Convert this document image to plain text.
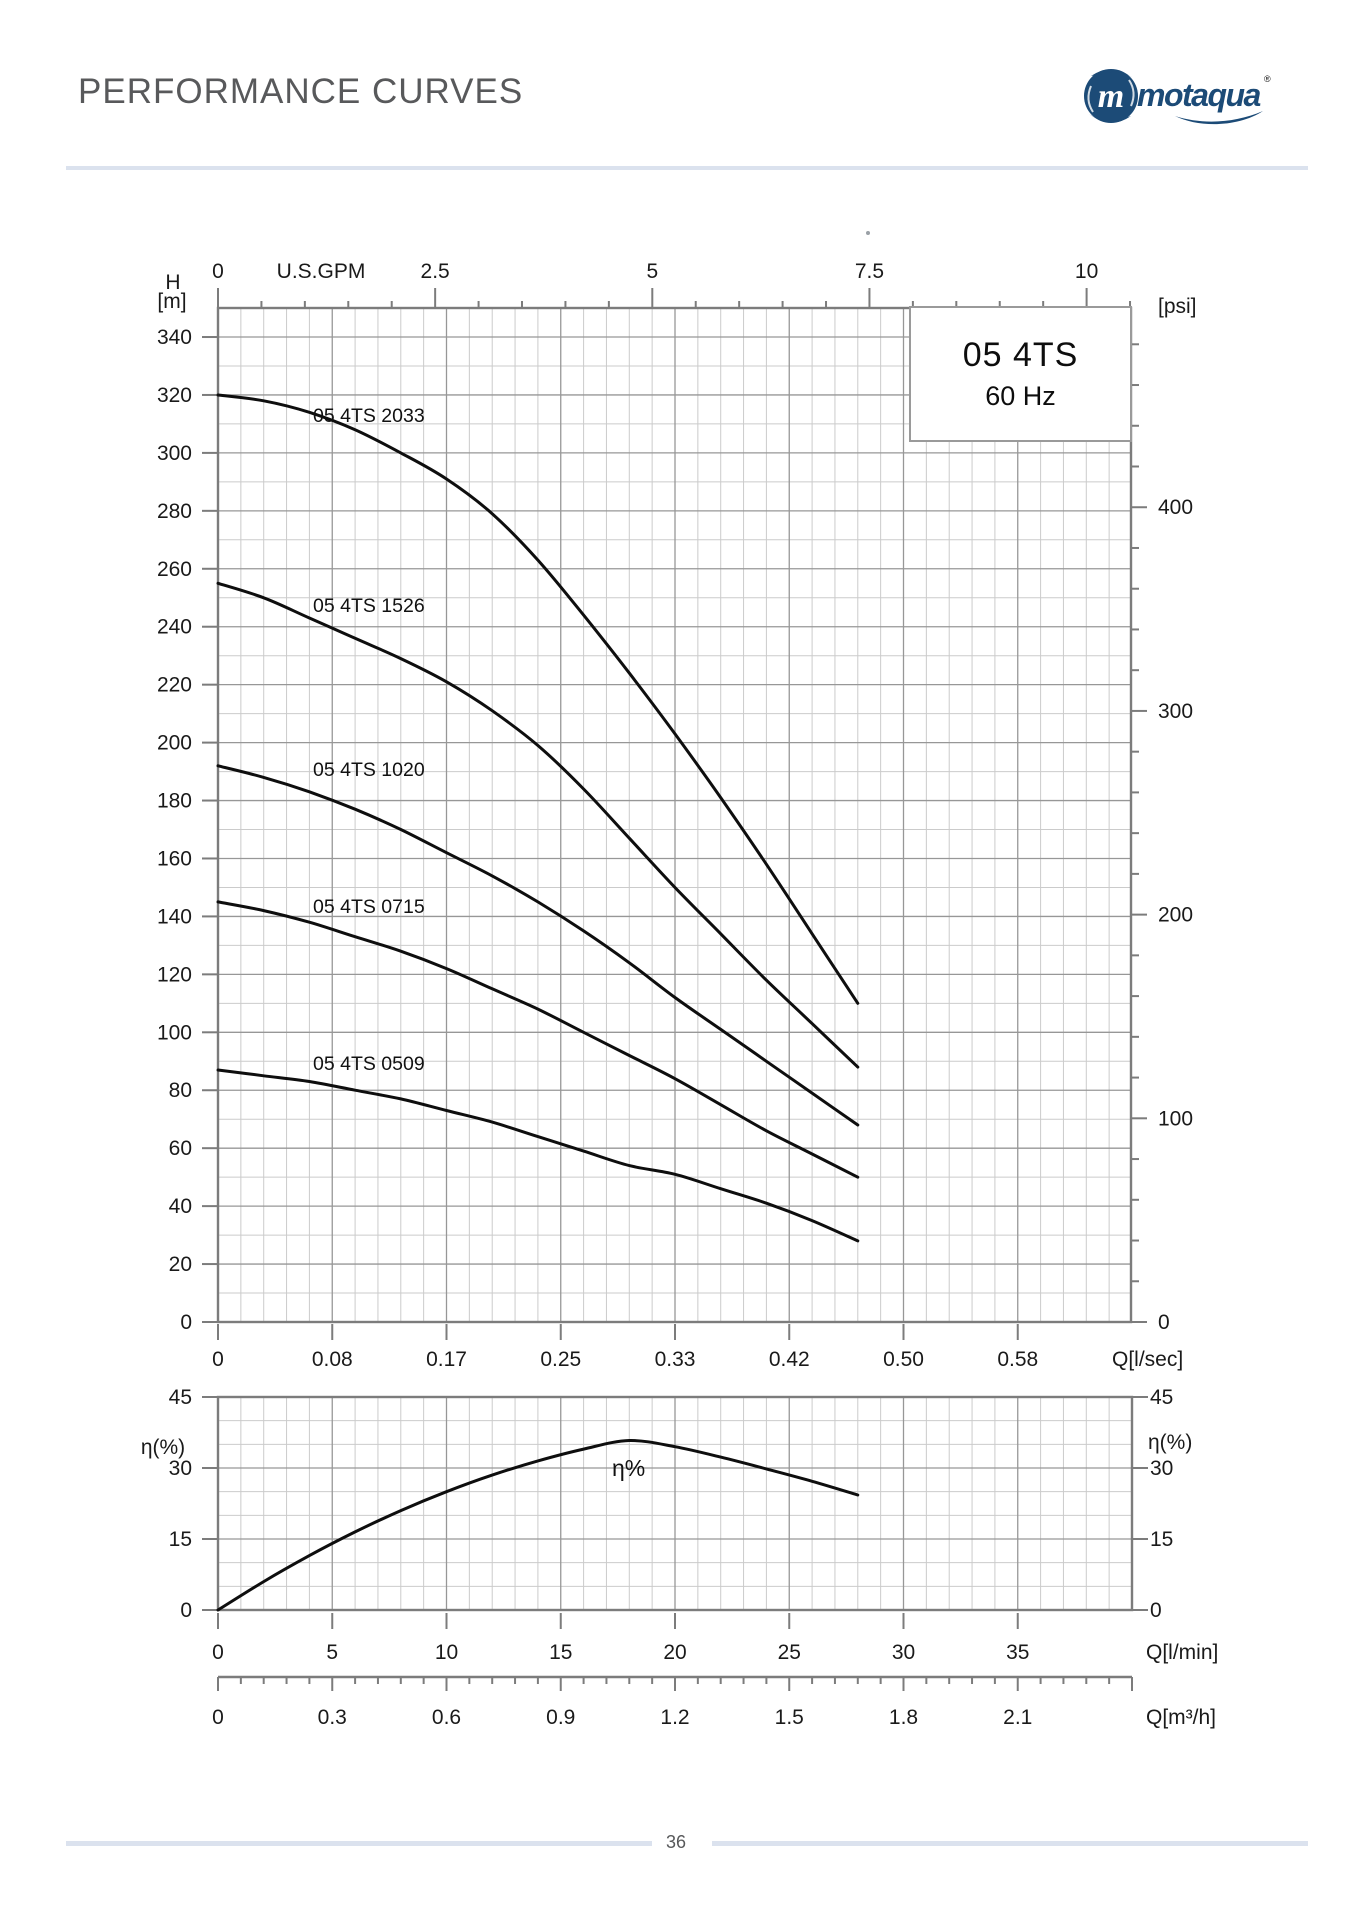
PERFORMANCE CURVES	m motaqua ®
0	2.5	5	7.5	10
U.S.GPM
H
[m]
340
320
300
280
260
240
220
200
180
160
140
120
100
80
60
40
20
0
[psi]
400
300
200
100
0
0	0.08	0.17	0.25	0.33	0.42	0.50	0.58	Q[l/sec]
05 4TS 2033
05 4TS 1526
05 4TS 1020
05 4TS 0715
05 4TS 0509
45
30
15
0
45
30
15
0
η(%)	η(%)
0	5	10	15	20	25	30	35	Q[l/min]
0	0.3	0.6	0.9	1.2	1.5	1.8	2.1	Q[m³/h]
η%
05 4TS
60 Hz
36
